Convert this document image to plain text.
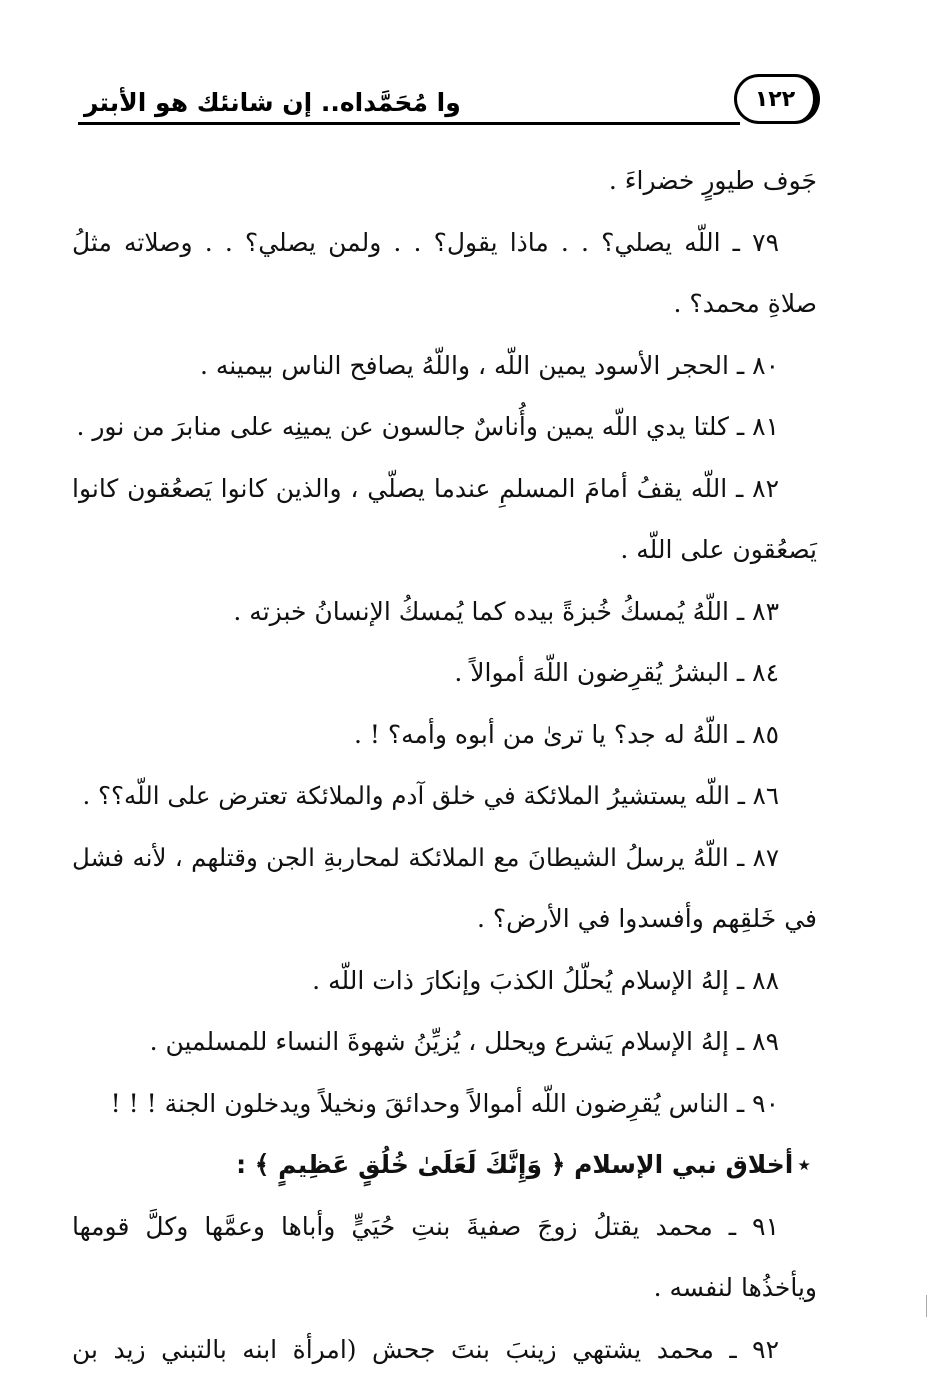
وا مُحَمَّداه.. إن شانئك هو الأبتر	١٢٢
جَوف طيورٍ خضراءَ .
٧٩ ـ اللّه يصلي؟ . . ماذا يقول؟ . . ولمن يصلي؟ . . وصلاته مثلُ
صلاةِ محمد؟ .
٨٠ ـ الحجر الأسود يمين اللّه ، واللّهُ يصافح الناس بيمينه .
٨١ ـ كلتا يدي اللّه يمين وأُناسٌ جالسون عن يمينِه على منابرَ من نور .
٨٢ ـ اللّه يقفُ أمامَ المسلمِ عندما يصلّي ، والذين كانوا يَصعُقون كانوا
يَصعُقون على اللّه .
٨٣ ـ اللّهُ يُمسكُ خُبزةً بيده كما يُمسكُ الإنسانُ خبزته .
٨٤ ـ البشرُ يُقرِضون اللّهَ أموالاً .
٨٥ ـ اللّهُ له جد؟ يا ترىٰ من أبوه وأمه؟ ! .
٨٦ ـ اللّه يستشيرُ الملائكة في خلق آدم والملائكة تعترض على اللّه؟؟ .
٨٧ ـ اللّهُ يرسلُ الشيطانَ مع الملائكة لمحاربةِ الجن وقتلهم ، لأنه فشل
في خَلقِهم وأفسدوا في الأرض؟ .
٨٨ ـ إلهُ الإسلام يُحلّلُ الكذبَ وإنكارَ ذات اللّه .
٨٩ ـ إلهُ الإسلام يَشرع ويحلل ، يُزيِّنُ شهوةَ النساء للمسلمين .
٩٠ ـ الناس يُقرِضون اللّه أموالاً وحدائقَ ونخيلاً ويدخلون الجنة ! ! !
٭أخلاق نبي الإسلام ﴿ وَإِنَّكَ لَعَلَىٰ خُلُقٍ عَظِيمٍ ﴾ :
٩١ ـ محمد يقتلُ زوجَ صفيةَ بنتِ حُيَيٍّ وأباها وعمَّها وكلَّ قومها
ويأخذُها لنفسه .
٩٢ ـ محمد يشتهي زينبَ بنتَ جحش (امرأة ابنه بالتبني زيد بن
